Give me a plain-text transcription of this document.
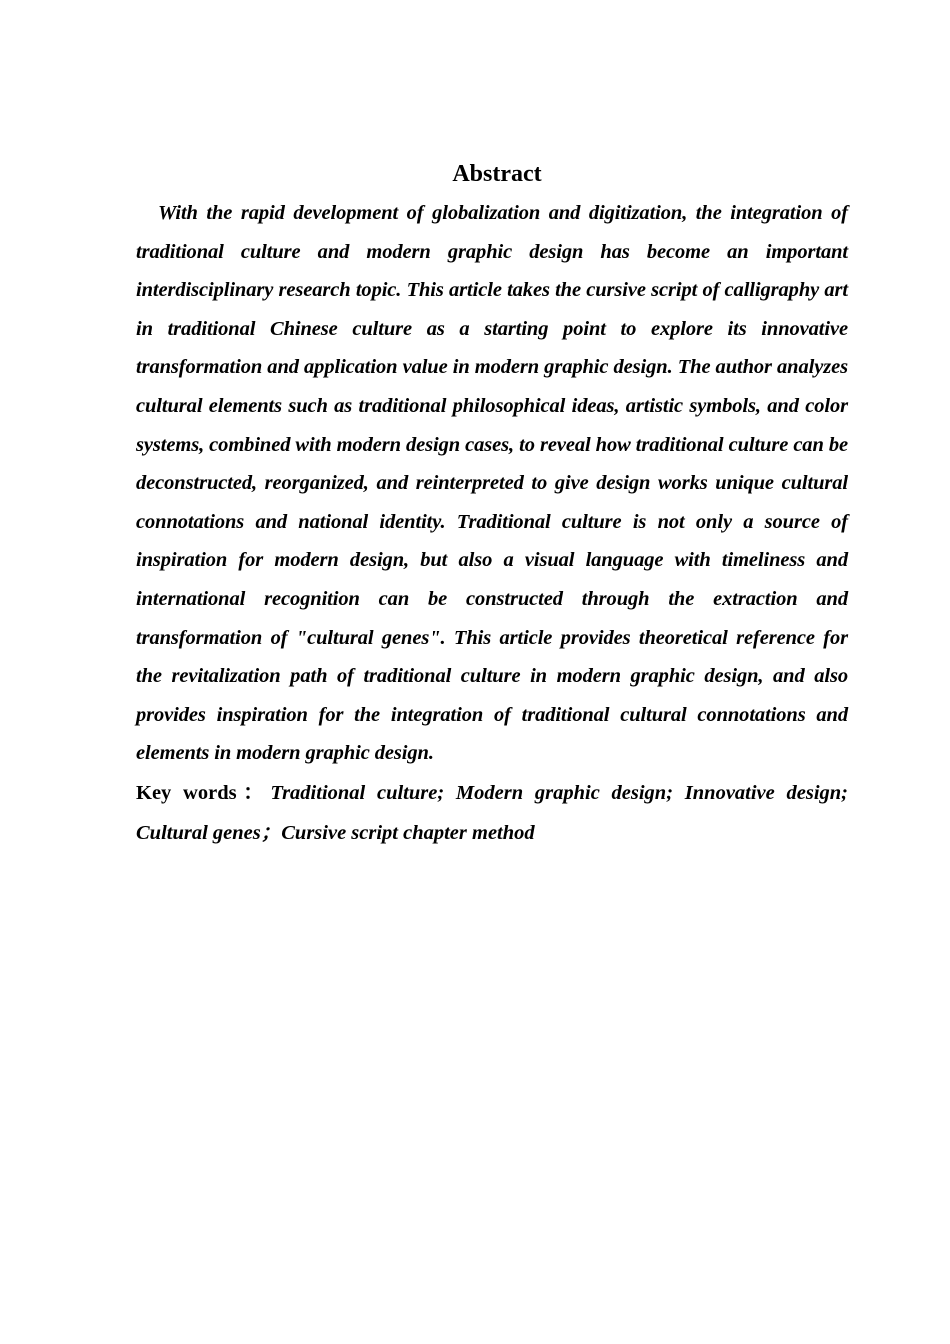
Abstract

With the rapid development of globalization and digitization, the integration of traditional culture and modern graphic design has become an important interdisciplinary research topic. This article takes the cursive script of calligraphy art in traditional Chinese culture as a starting point to explore its innovative transformation and application value in modern graphic design. The author analyzes cultural elements such as traditional philosophical ideas, artistic symbols, and color systems, combined with modern design cases, to reveal how traditional culture can be deconstructed, reorganized, and reinterpreted to give design works unique cultural connotations and national identity. Traditional culture is not only a source of inspiration for modern design, but also a visual language with timeliness and international recognition can be constructed through the extraction and transformation of "cultural genes". This article provides theoretical reference for the revitalization path of traditional culture in modern graphic design, and also provides inspiration for the integration of traditional cultural connotations and elements in modern graphic design.

Key words：Traditional culture; Modern graphic design; Innovative design; Cultural genes；Cursive script chapter method
